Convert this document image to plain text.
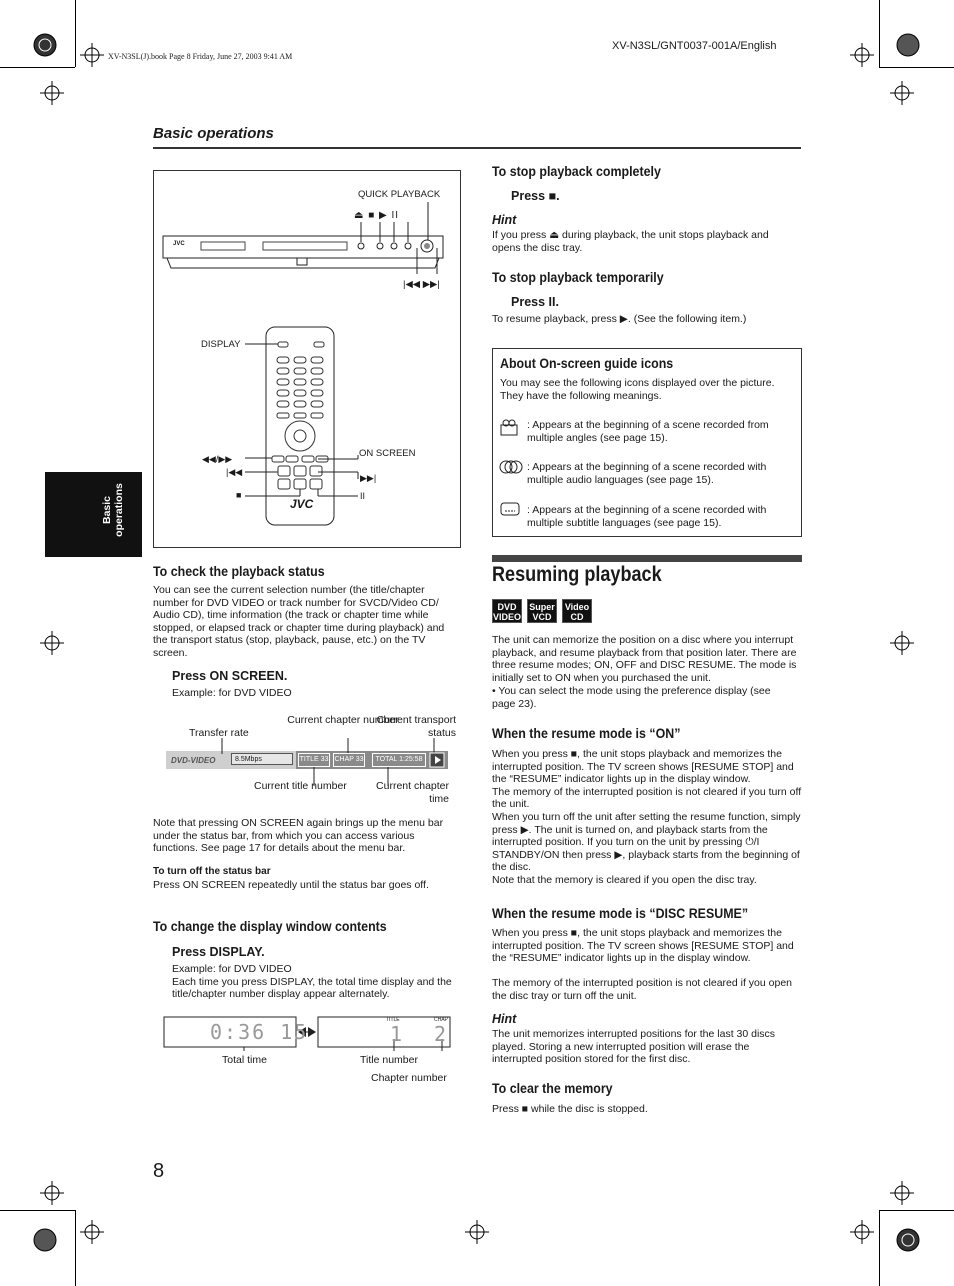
XV-N3SL(J).book Page 8 Friday, June 27, 2003 9:41 AM
XV-N3SL/GNT0037-001A/English
Basic operations
Basic operations
QUICK PLAYBACK
⏏ ■ ▶ II
JVC
|◀◀ ▶▶|
DISPLAY
ON SCREEN
◀◀/▶▶
|◀◀
■
▶▶|
II
JVC
To check the playback status
You can see the current selection number (the title/chapter number for DVD VIDEO or track number for SVCD/Video CD/ Audio CD), time information (the track or chapter time while stopped, or elapsed track or chapter time during playback) and the transport status (stop, playback, pause, etc.) on the TV screen.
Press ON SCREEN.
Example: for DVD VIDEO
Transfer rate
Current chapter number
Current transport status
DVD-VIDEO	8.5Mbps	TITLE 33 CHAP 33	TOTAL 1:25:58
Current title number	Current chapter time
Note that pressing ON SCREEN again brings up the menu bar under the status bar, from which you can access various functions. See page 17 for details about the menu bar.
To turn off the status bar
Press ON SCREEN repeatedly until the status bar goes off.
To change the display window contents
Press DISPLAY.
Example: for DVD VIDEO
Each time you press DISPLAY, the total time display and the title/chapter number display appear alternately.
0:36 15	TITLE	CHAP
1 2
Total time	Title number
Chapter number
8
To stop playback completely
Press ■.
Hint
If you press ⏏ during playback, the unit stops playback and opens the disc tray.
To stop playback temporarily
Press II.
To resume playback, press ▶. (See the following item.)
About On-screen guide icons
You may see the following icons displayed over the picture. They have the following meanings.
: Appears at the beginning of a scene recorded from multiple angles (see page 15).
: Appears at the beginning of a scene recorded with multiple audio languages (see page 15).
: Appears at the beginning of a scene recorded with multiple subtitle languages (see page 15).
Resuming playback
DVD VIDEOSuper VCDVideo CD
The unit can memorize the position on a disc where you interrupt playback, and resume playback from that position later. There are three resume modes; ON, OFF and DISC RESUME. The mode is initially set to ON when you purchased the unit.
• You can select the mode using the preference display (see page 23).
When the resume mode is “ON”
When you press ■, the unit stops playback and memorizes the interrupted position. The TV screen shows [RESUME STOP] and the “RESUME” indicator lights up in the display window.
The memory of the interrupted position is not cleared if you turn off the unit.
When you turn off the unit after setting the resume function, simply press ▶. The unit is turned on, and playback starts from the interrupted position. If you turn on the unit by pressing ⏻/I STANDBY/ON then press ▶, playback starts from the beginning of the disc.
Note that the memory is cleared if you open the disc tray.
When the resume mode is “DISC RESUME”
When you press ■, the unit stops playback and memorizes the interrupted position. The TV screen shows [RESUME STOP] and the “RESUME” indicator lights up in the display window.

The memory of the interrupted position is not cleared if you open the disc tray or turn off the unit.
Hint
The unit memorizes interrupted positions for the last 30 discs played. Storing a new interrupted position will erase the interrupted position stored for the first disc.
To clear the memory
Press ■ while the disc is stopped.
